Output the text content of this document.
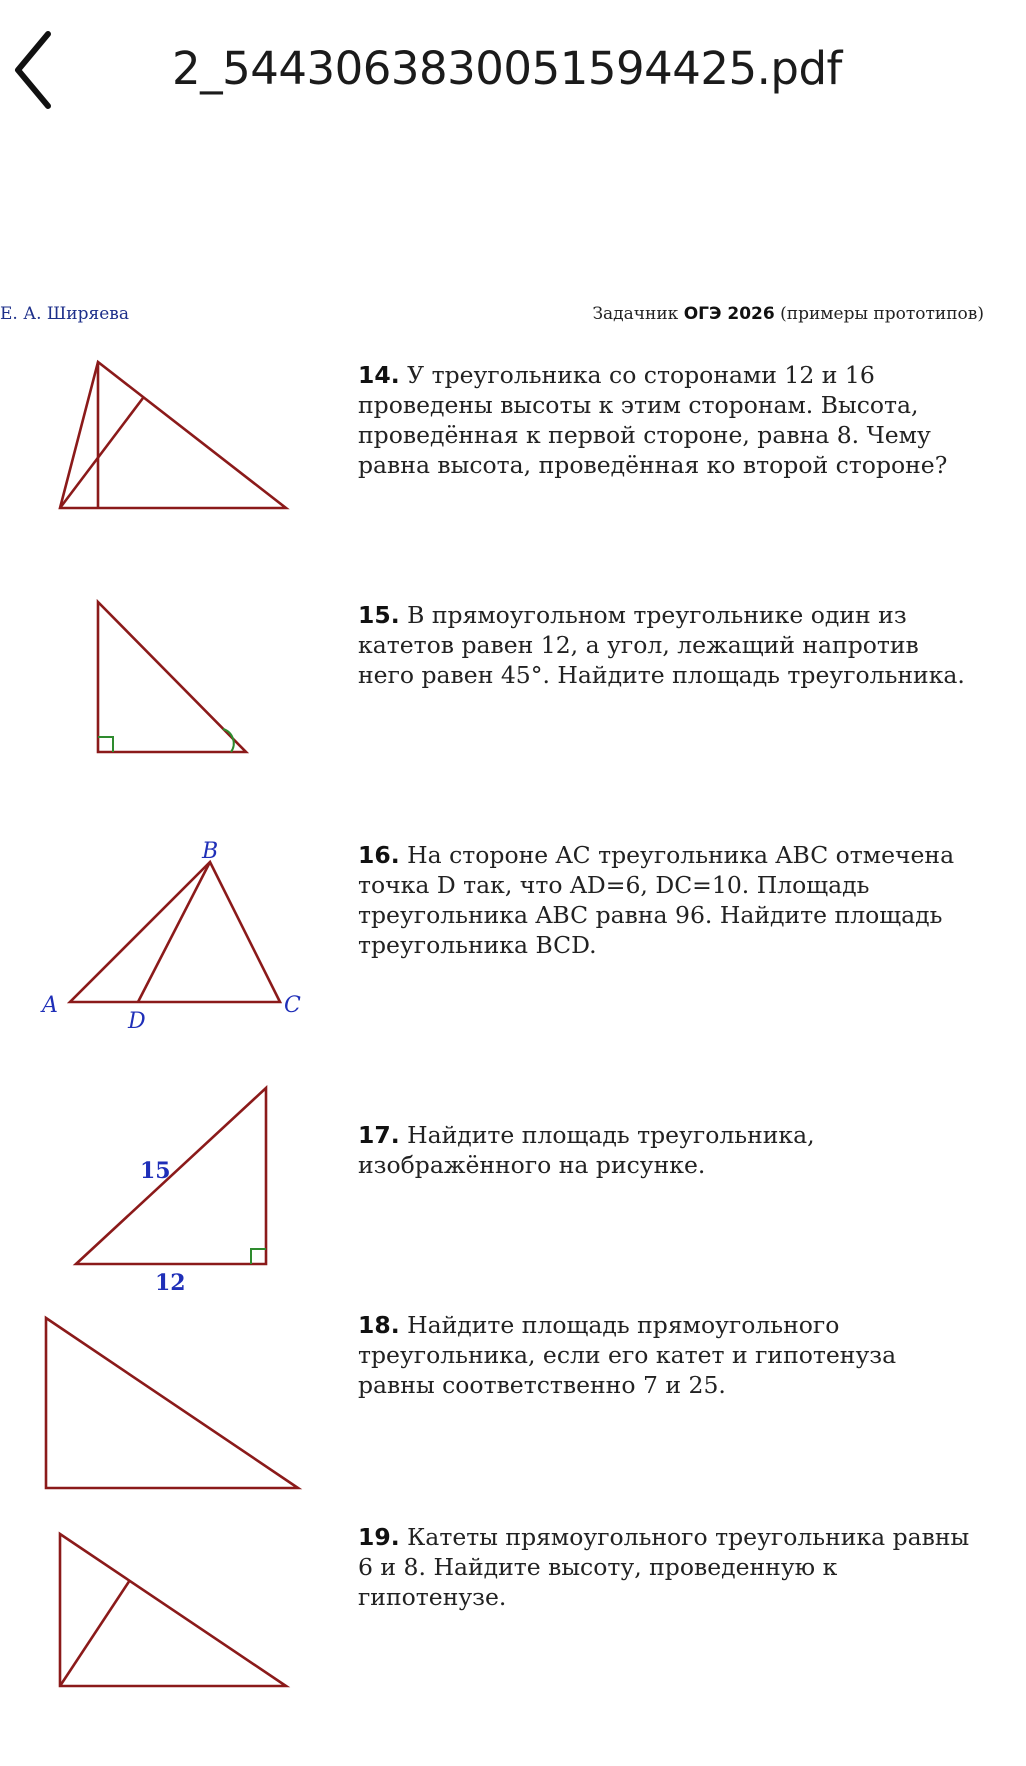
2_5443063830051594425.pdf
Е. А. Ширяева	Задачник ОГЭ 2026 (примеры прототипов)
14. У треугольника со сторонами 12 и 16 проведены высоты к этим сторонам. Высота, проведённая к первой стороне, равна 8. Чему равна высота, проведённая ко второй стороне?
15. В прямоугольном треугольнике один из катетов равен 12, а угол, лежащий напротив него равен 45°. Найдите площадь треугольника.
16. На стороне AC треугольника ABC отмечена точка D так, что AD=6, DC=10. Площадь треугольника ABC равна 96. Найдите площадь треугольника BCD.
17. Найдите площадь треугольника, изображённого на рисунке.
18. Найдите площадь прямоугольного треугольника, если его катет и гипотенуза равны соответственно 7 и 25.
19. Катеты прямоугольного треугольника равны 6 и 8. Найдите высоту, проведенную к гипотенузе.
B
A
D
C
15
12
